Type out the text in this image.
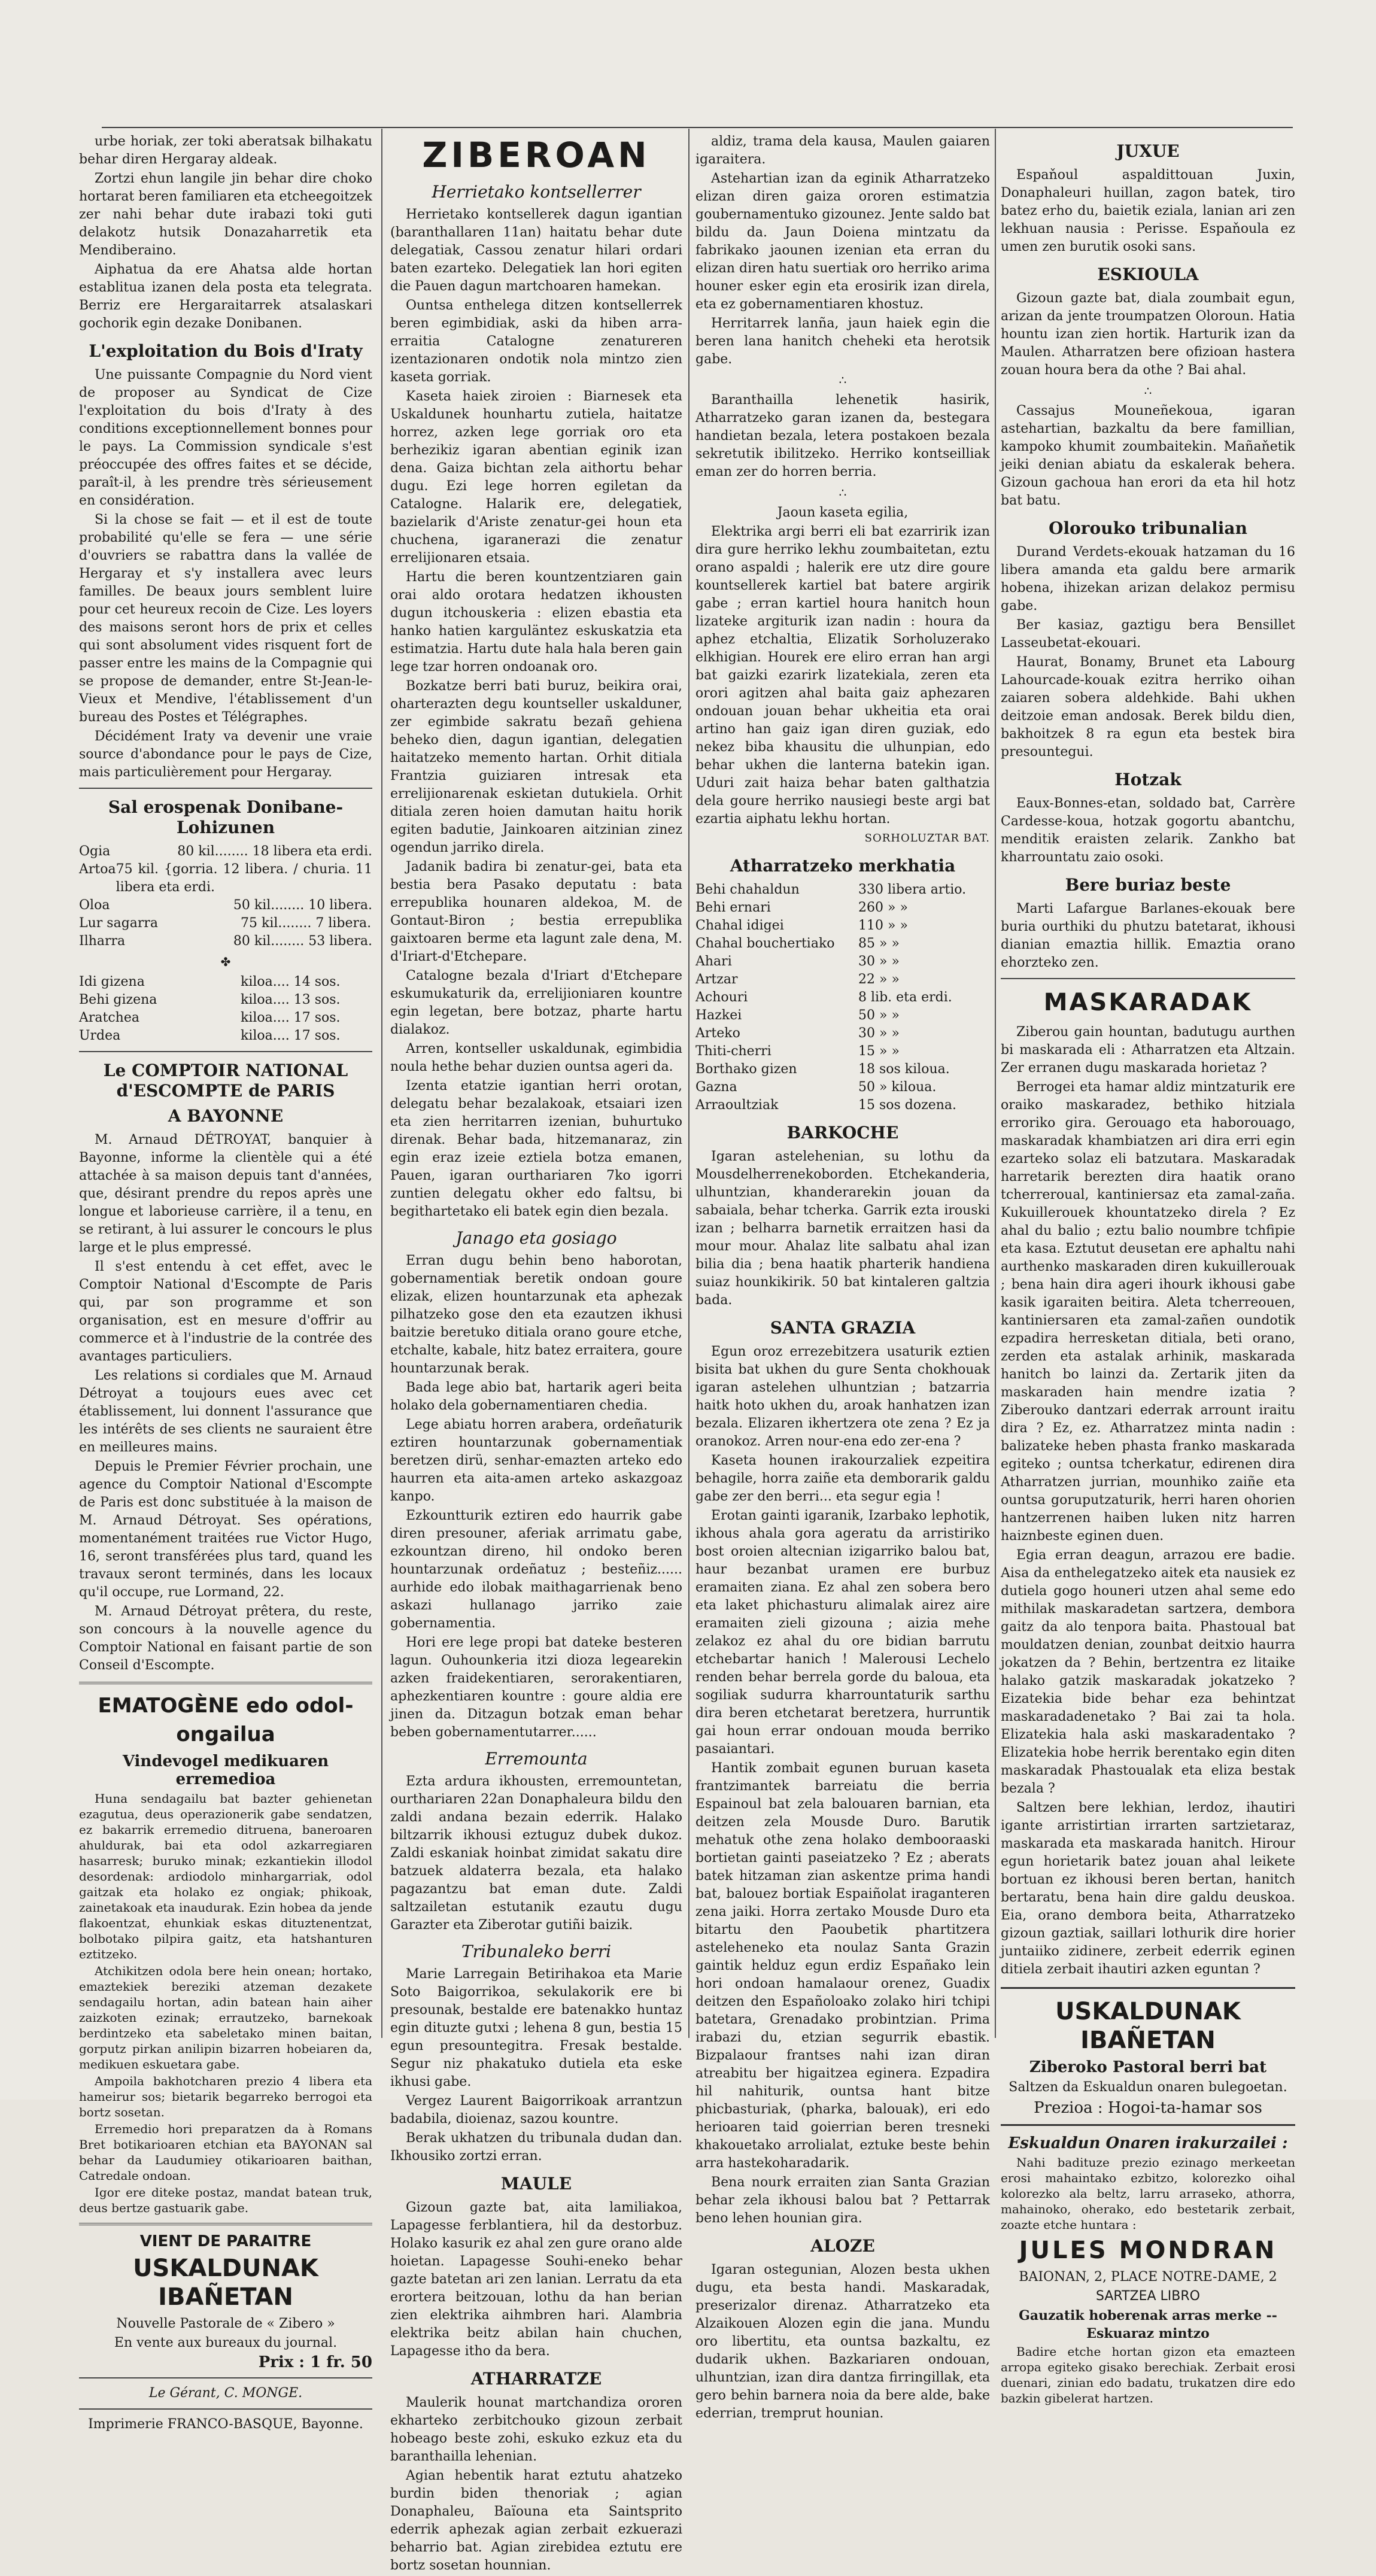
urbe horiak, zer toki aberatsak bilhakatu behar diren Hergaray aldeak.

Zortzi ehun langile jin behar dire choko hortarat beren familiaren eta etcheegoitzek zer nahi behar dute irabazi toki guti delakotz hutsik Donazaharretik eta Mendiberaino.

Aiphatua da ere Ahatsa alde hortan establitua izanen dela posta eta telegrata. Berriz ere Hergaraitarrek atsalaskari gochorik egin dezake Donibanen.

L'exploitation du Bois d'Iraty

Une puissante Compagnie du Nord vient de proposer au Syndicat de Cize l'exploitation du bois d'Iraty à des conditions exceptionnellement bonnes pour le pays. La Commission syndicale s'est préoccupée des offres faites et se décide, paraît-il, à les prendre très sérieusement en considération.

Si la chose se fait — et il est de toute probabilité qu'elle se fera — une série d'ouvriers se rabattra dans la vallée de Hergaray et s'y installera avec leurs familles. De beaux jours semblent luire pour cet heureux recoin de Cize. Les loyers des maisons seront hors de prix et celles qui sont absolument vides risquent fort de passer entre les mains de la Compagnie qui se propose de demander, entre St-Jean-le-Vieux et Mendive, l'établissement d'un bureau des Postes et Télégraphes.

Décidément Iraty va devenir une vraie source d'abondance pour le pays de Cize, mais particulièrement pour Hergaray.

Sal erospenak Donibane-Lohizunen
Ogia	80 kil........ 18 libera eta erdi.
Artoa 75 kil. {gorria. 12 libera. / churia. 11 libera eta erdi.
Oloa	50 kil........ 10 libera.
Lur sagarra	75 kil........ 7 libera.
Ilharra	80 kil........ 53 libera.
✤
Idi gizena	kiloa.... 14 sos.
Behi gizena	kiloa.... 13 sos.
Aratchea	kiloa.... 17 sos.
Urdea	kiloa.... 17 sos.
Le COMPTOIR NATIONAL d'ESCOMPTE de PARIS
A BAYONNE

M. Arnaud DÉTROYAT, banquier à Bayonne, informe la clientèle qui a été attachée à sa maison depuis tant d'années, que, désirant prendre du repos après une longue et laborieuse carrière, il a tenu, en se retirant, à lui assurer le concours le plus large et le plus empressé.

Il s'est entendu à cet effet, avec le Comptoir National d'Escompte de Paris qui, par son programme et son organisation, est en mesure d'offrir au commerce et à l'industrie de la contrée des avantages particuliers.

Les relations si cordiales que M. Arnaud Détroyat a toujours eues avec cet établissement, lui donnent l'assurance que les intérêts de ses clients ne sauraient être en meilleures mains.

Depuis le Premier Février prochain, une agence du Comptoir National d'Escompte de Paris est donc substituée à la maison de M. Arnaud Détroyat. Ses opérations, momentanément traitées rue Victor Hugo, 16, seront transférées plus tard, quand les travaux seront terminés, dans les locaux qu'il occupe, rue Lormand, 22.

M. Arnaud Détroyat prêtera, du reste, son concours à la nouvelle agence du Comptoir National en faisant partie de son Conseil d'Escompte.

EMATOGÈNE edo odol-ongailua
Vindevogel medikuaren erremedioa

Huna sendagailu bat bazter gehienetan ezagutua, deus operazionerik gabe sendatzen, ez bakarrik erremedio ditruena, baneroaren ahuldurak, bai eta odol azkarregiaren hasarresk; buruko minak; ezkantiekin illodol desordenak: ardiodolo minhargarriak, odol gaitzak eta holako ez ongiak; phikoak, zainetakoak eta inaudurak. Ezin hobea da jende flakoentzat, ehunkiak eskas dituztenentzat, bolbotako pilpira gaitz, eta hatshanturen eztitzeko.

Atchikitzen odola bere hein onean; hortako, emaztekiek bereziki atzeman dezakete sendagailu hortan, adin batean hain aiher zaizkoten ezinak; errautzeko, barnekoak berdintzeko eta sabeletako minen baitan, gorputz pirkan anilipin bizarren hobeiaren da, medikuen eskuetara gabe.

Ampoila bakhotcharen prezio 4 libera eta hameirur sos; bietarik begarreko berrogoi eta bortz sosetan.

Erremedio hori preparatzen da à Romans Bret botikarioaren etchian eta BAYONAN sal behar da Laudumiey otikarioaren baithan, Catredale ondoan.

Igor ere diteke postaz, mandat batean truk, deus bertze gastuarik gabe.

VIENT DE PARAITRE
USKALDUNAK IBAÑETAN

Nouvelle Pastorale de « Zibero »

En vente aux bureaux du journal.

Prix : 1 fr. 50

Le Gérant, C. MONGE.

Imprimerie FRANCO-BASQUE, Bayonne.

ZIBEROAN
Herrietako kontsellerrer

Herrietako kontsellerek dagun igantian (baranthallaren 11an) haitatu behar dute delegatiak, Cassou zenatur hilari ordari baten ezarteko. Delegatiek lan hori egiten die Pauen dagun martchoaren hamekan.

Ountsa enthelega ditzen kontsellerrek beren egimbidiak, aski da hiben arra-erraitia Catalogne zenatureren izentazionaren ondotik nola mintzo zien kaseta gorriak.

Kaseta haiek ziroien : Biarnesek eta Uskaldunek hounhartu zutiela, haitatze horrez, azken lege gorriak oro eta berhezikiz igaran abentian eginik izan dena. Gaiza bichtan zela aithortu behar dugu. Ezi lege horren egiletan da Catalogne. Halarik ere, delegatiek, bazielarik d'Ariste zenatur-gei houn eta chuchena, igaranerazi die zenatur errelijionaren etsaia.

Hartu die beren kountzentziaren gain orai aldo orotara hedatzen ikhousten dugun itchouskeria : elizen ebastia eta hanko hatien karguläntez eskuskatzia eta estimatzia. Hartu dute hala hala beren gain lege tzar horren ondoanak oro.

Bozkatze berri bati buruz, beikira orai, oharterazten degu kountseller uskalduner, zer egimbide sakratu bezañ gehiena beheko dien, dagun igantian, delegatien haitatzeko memento hartan. Orhit ditiala Frantzia guiziaren intresak eta errelijionarenak eskietan dutukiela. Orhit ditiala zeren hoien damutan haitu horik egiten badutie, Jainkoaren aitzinian zinez ogendun jarriko direla.

Jadanik badira bi zenatur-gei, bata eta bestia bera Pasako deputatu : bata errepublika hounaren aldekoa, M. de Gontaut-Biron ; bestia errepublika gaixtoaren berme eta lagunt zale dena, M. d'Iriart-d'Etchepare.

Catalogne bezala d'Iriart d'Etchepare eskumukaturik da, errelijioniaren kountre egin legetan, bere botzaz, pharte hartu dialakoz.

Arren, kontseller uskaldunak, egimbidia noula hethe behar duzien ountsa ageri da.

Izenta etatzie igantian herri orotan, delegatu behar bezalakoak, etsaiari izen eta zien herritarren izenian, buhurtuko direnak. Behar bada, hitzemanaraz, zin egin eraz izeie eztiela botza emanen, Pauen, igaran ourthariaren 7ko igorri zuntien delegatu okher edo faltsu, bi begithartetako eli batek egin dien bezala.

Janago eta gosiago

Erran dugu behin beno haborotan, gobernamentiak beretik ondoan goure elizak, elizen hountarzunak eta aphezak pilhatzeko gose den eta ezautzen ikhusi baitzie beretuko ditiala orano goure etche, etchalte, kabale, hitz batez erraitera, goure hountarzunak berak.

Bada lege abio bat, hartarik ageri beita holako dela gobernamentiaren chedia.

Lege abiatu horren arabera, ordeñaturik eztiren hountarzunak gobernamentiak beretzen dirü, senhar-emazten arteko edo haurren eta aita-amen arteko askazgoaz kanpo.

Ezkountturik eztiren edo haurrik gabe diren presouner, aferiak arrimatu gabe, ezkountzan direno, hil ondoko beren hountarzunak ordeñatuz ; besteñiz...... aurhide edo ilobak maithagarrienak beno askazi hullanago jarriko zaie gobernamentia.

Hori ere lege propi bat dateke besteren lagun. Ouhounkeria itzi dioza legearekin azken fraidekentiaren, serorakentiaren, aphezkentiaren kountre : goure aldia ere jinen da. Ditzagun botzak eman behar beben gobernamentutarrer......

Erremounta

Ezta ardura ikhousten, erremountetan, ourthariaren 22an Donaphaleura bildu den zaldi andana bezain ederrik. Halako biltzarrik ikhousi eztuguz dubek dukoz. Zaldi eskaniak hoinbat zimidat sakatu dire batzuek aldaterra bezala, eta halako pagazantzu bat eman dute. Zaldi saltzailetan estutanik ezautu dugu Garazter eta Ziberotar gutiñi baizik.

Tribunaleko berri

Marie Larregain Betirihakoa eta Marie Soto Baigorrikoa, sekulakorik ere bi presounak, bestalde ere batenakko huntaz egin dituzte gutxi ; lehena 8 gun, bestia 15 egun presountegitra. Fresak bestalde. Segur niz phakatuko dutiela eta eske ikhusi gabe.

Vergez Laurent Baigorrikoak arrantzun badabila, dioienaz, sazou kountre.

Berak ukhatzen du tribunala dudan dan. Ikhousiko zortzi erran.

MAULE

Gizoun gazte bat, aita lamiliakoa, Lapagesse ferblantiera, hil da destorbuz. Holako kasurik ez ahal zen gure orano alde hoietan. Lapagesse Souhi-eneko behar gazte batetan ari zen lanian. Lerratu da eta erortera beitzouan, lothu da han berian zien elektrika aihmbren hari. Alambria elektrika beitz abilan hain chuchen, Lapagesse itho da bera.

ATHARRATZE

Maulerik hounat martchandiza ororen ekharteko zerbitchouko gizoun zerbait hobeago beste zohi, eskuko ezkuz eta du baranthailla lehenian.

Agian hebentik harat eztutu ahatzeko burdin biden thenoriak ; agian Donaphaleu, Baïouna eta Saintsprito ederrik aphezak agian zerbait ezkuerazi beharrio bat. Agian zirebidea eztutu ere bortz sosetan hounnian.

aldiz, trama dela kausa, Maulen gaiaren igaraitera.

Astehartian izan da eginik Atharratzeko elizan diren gaiza ororen estimatzia goubernamentuko gizounez. Jente saldo bat bildu da. Jaun Doiena mintzatu da fabrikako jaounen izenian eta erran du elizan diren hatu suertiak oro herriko arima houner esker egin eta erosirik izan direla, eta ez gobernamentiaren khostuz.

Herritarrek lanña, jaun haiek egin die beren lana hanitch cheheki eta herotsik gabe.

∴

Baranthailla lehenetik hasirik, Atharratzeko garan izanen da, bestegara handietan bezala, letera postakoen bezala sekretutik ibilitzeko. Herriko kontseilliak eman zer do horren berria.

∴

Jaoun kaseta egilia,

Elektrika argi berri eli bat ezarririk izan dira gure herriko lekhu zoumbaitetan, eztu orano aspaldi ; halerik ere utz dire goure kountsellerek kartiel bat batere argirik gabe ; erran kartiel houra hanitch houn lizateke argiturik izan nadin : houra da aphez etchaltia, Elizatik Sorholuzerako elkhigian. Hourek ere eliro erran han argi bat gaizki ezarirk lizatekiala, zeren eta orori agitzen ahal baita gaiz aphezaren ondouan jouan behar ukheitia eta orai artino han gaiz igan diren guziak, edo nekez biba khausitu die ulhunpian, edo behar ukhen die lanterna batekin igan. Uduri zait haiza behar baten galthatzia dela goure herriko nausiegi beste argi bat ezartia aiphatu lekhu hortan.

SORHOLUZTAR BAT.

Atharratzeko merkhatia
Behi chahaldun	330 libera artio.
Behi ernari	260 » »
Chahal idigei	110 » »
Chahal bouchertiako 85 » »
Ahari	30 » »
Artzar	22 » »
Achouri	8 lib. eta erdi.
Hazkei	50 » »
Arteko	30 » »
Thiti-cherri	15 » »
Borthako gizen	18 sos kiloua.
Gazna	50 » kiloua.
Arraoultziak	15 sos dozena.
BARKOCHE

Igaran astelehenian, su lothu da Mousdelherrenekoborden. Etchekanderia, ulhuntzian, khanderarekin jouan da sabaiala, behar tcherka. Garrik ezta irouski izan ; belharra barnetik erraitzen hasi da mour mour. Ahalaz lite salbatu ahal izan bilia dia ; bena haatik pharterik handiena suiaz hounkikirik. 50 bat kintaleren galtzia bada.

SANTA GRAZIA

Egun oroz errezebitzera usaturik eztien bisita bat ukhen du gure Senta chokhouak igaran astelehen ulhuntzian ; batzarria haitk hoto ukhen du, aroak hanhatzen izan bezala. Elizaren ikhertzera ote zena ? Ez ja oranokoz. Arren nour-ena edo zer-ena ?

Kaseta hounen irakourzaliek ezpeitira behagile, horra zaiñe eta demborarik galdu gabe zer den berri... eta segur egia !

Erotan gainti igaranik, Izarbako lephotik, ikhous ahala gora ageratu da arristiriko bost oroien altecnian izigarriko balou bat, haur bezanbat uramen ere burbuz eramaiten ziana. Ez ahal zen sobera bero eta laket phichasturu alimalak airez aire eramaiten zieli gizouna ; aizia mehe zelakoz ez ahal du ore bidian barrutu etchebartar hanich ! Malerousi Lechelo renden behar berrela gorde du baloua, eta sogiliak sudurra kharrountaturik sarthu dira beren etchetarat beretzera, hurruntik gai houn errar ondouan mouda berriko pasaiantari.

Hantik zombait egunen buruan kaseta frantzimantek barreiatu die berria Espainoul bat zela balouaren barnian, eta deitzen zela Mousde Duro. Barutik mehatuk othe zena holako dembooraaski bortietan gainti paseiatzeko ? Ez ; aberats batek hitzaman zian askentze prima handi bat, balouez bortiak Espaiñolat iraganteren zena jaiki. Horra zertako Mousde Duro eta bitartu den Paoubetik phartitzera asteleheneko eta noulaz Santa Grazin gaintik helduz egun erdiz Españako lein hori ondoan hamalaour orenez, Guadix deitzen den Españoloako zolako hiri tchipi batetara, Grenadako probintzian. Prima irabazi du, etzian segurrik ebastik. Bizpalaour frantses nahi izan diran atreabitu ber higaitzea eginera. Ezpadira hil nahiturik, ountsa hant bitze phicbasturiak, (pharka, balouak), eri edo herioaren taid goierrian beren tresneki khakouetako arrolialat, eztuke beste behin arra hastekoharadarik.

Bena nourk erraiten zian Santa Grazian behar zela ikhousi balou bat ? Pettarrak beno lehen hounian gira.

ALOZE

Igaran ostegunian, Alozen besta ukhen dugu, eta besta handi. Maskaradak, preserizalor direnaz. Atharratzeko eta Alzaikouen Alozen egin die jana. Mundu oro libertitu, eta ountsa bazkaltu, ez dudarik ukhen. Bazkariaren ondouan, ulhuntzian, izan dira dantza firringillak, eta gero behin barnera noia da bere alde, bake ederrian, tremprut hounian.

JUXUE

Espaňoul aspaldittouan Juxin, Donaphaleuri huillan, zagon batek, tiro batez erho du, baietik eziala, lanian ari zen lekhuan nausia : Perisse. Espaňoula ez umen zen burutik osoki sans.

ESKIOULA

Gizoun gazte bat, diala zoumbait egun, arizan da jente troumpatzen Oloroun. Hatia hountu izan zien hortik. Harturik izan da Maulen. Atharratzen bere ofizioan hastera zouan houra bera da othe ? Bai ahal.

∴

Cassajus Mouneñekoua, igaran astehartian, bazkaltu da bere famillian, kampoko khumit zoumbaitekin. Mañaňetik jeiki denian abiatu da eskalerak behera. Gizoun gachoua han erori da eta hil hotz bat batu.

Olorouko tribunalian

Durand Verdets-ekouak hatzaman du 16 libera amanda eta galdu bere armarik hobena, ihizekan arizan delakoz permisu gabe.

Ber kasiaz, gaztigu bera Bensillet Lasseubetat-ekouari.

Haurat, Bonamy, Brunet eta Labourg Lahourcade-kouak ezitra herriko oihan zaiaren sobera aldehkide. Bahi ukhen deitzoie eman andosak. Berek bildu dien, bakhoitzek 8 ra egun eta bestek bira presountegui.

Hotzak

Eaux-Bonnes-etan, soldado bat, Carrère Cardesse-koua, hotzak gogortu abantchu, menditik eraisten zelarik. Zankho bat kharrountatu zaio osoki.

Bere buriaz beste

Marti Lafargue Barlanes-ekouak bere buria ourthiki du phutzu batetarat, ikhousi dianian emaztia hillik. Emaztia orano ehorzteko zen.

MASKARADAK

Ziberou gain hountan, badutugu aurthen bi maskarada eli : Atharratzen eta Altzain. Zer erranen dugu maskarada horietaz ?

Berrogei eta hamar aldiz mintzaturik ere oraiko maskaradez, bethiko hitziala erroriko gira. Gerouago eta haborouago, maskaradak khambiatzen ari dira erri egin ezarteko solaz eli batzutara. Maskaradak harretarik berezten dira haatik orano tcherreroual, kantiniersaz eta zamal-zaña. Kukuillerouek khountatzeko direla ? Ez ahal du balio ; eztu balio noumbre tchfipie eta kasa. Eztutut deusetan ere aphaltu nahi aurthenko maskaraden diren kukuillerouak ; bena hain dira ageri ihourk ikhousi gabe kasik igaraiten beitira. Aleta tcherreouen, kantiniersaren eta zamal-zañen oundotik ezpadira herresketan ditiala, beti orano, zerden eta astalak arhinik, maskarada hanitch bo lainzi da. Zertarik jiten da maskaraden hain mendre izatia ? Ziberouko dantzari ederrak arrount iraitu dira ? Ez, ez. Atharratzez minta nadin : balizateke heben phasta franko maskarada egiteko ; ountsa tcherkatur, edirenen dira Atharratzen jurrian, mounhiko zaiñe eta ountsa goruputzaturik, herri haren ohorien hantzerrenen haiben luken nitz harren haiznbeste eginen duen.

Egia erran deagun, arrazou ere badie. Aisa da enthelegatzeko aitek eta nausiek ez dutiela gogo houneri utzen ahal seme edo mithilak maskaradetan sartzera, dembora gaitz da alo tenpora baita. Phastoual bat mouldatzen denian, zounbat deitxio haurra jokatzen da ? Behin, bertzentra ez litaike halako gatzik maskaradak jokatzeko ? Eizatekia bide behar eza behintzat maskaradadenetako ? Bai zai ta hola. Elizatekia hala aski maskaradentako ? Elizatekia hobe herrik berentako egin diten maskaradak Phastoualak eta eliza bestak bezala ?

Saltzen bere lekhian, lerdoz, ihautiri igante arristirtian irrarten sartzietaraz, maskarada eta maskarada hanitch. Hirour egun horietarik batez jouan ahal leikete bortuan ez ikhousi beren bertan, hanitch bertaratu, bena hain dire galdu deuskoa. Eia, orano dembora beita, Atharratzeko gizoun gaztiak, saillari lothurik dire horier juntaiiko zidinere, zerbeit ederrik eginen ditiela zerbait ihautiri azken eguntan ?

USKALDUNAK IBAÑETAN
Ziberoko Pastoral berri bat

Saltzen da Eskualdun onaren bulegoetan.

Prezioa : Hogoi-ta-hamar sos
Eskualdun Onaren irakurzailei :

Nahi badituze prezio ezinago merkeetan erosi mahaintako ezbitzo, kolorezko oihal kolorezko ala beltz, larru arraseko, athorra, mahainoko, oherako, edo bestetarik zerbait, zoazte etche huntara :

JULES MONDRAN

BAIONAN, 2, PLACE NOTRE-DAME, 2

SARTZEA LIBRO

Gauzatik hoberenak arras merke -- Eskuaraz mintzo

Badire etche hortan gizon eta emazteen arropa egiteko gisako berechiak. Zerbait erosi duenari, zinian edo badatu, trukatzen dire edo bazkin gibelerat hartzen.
